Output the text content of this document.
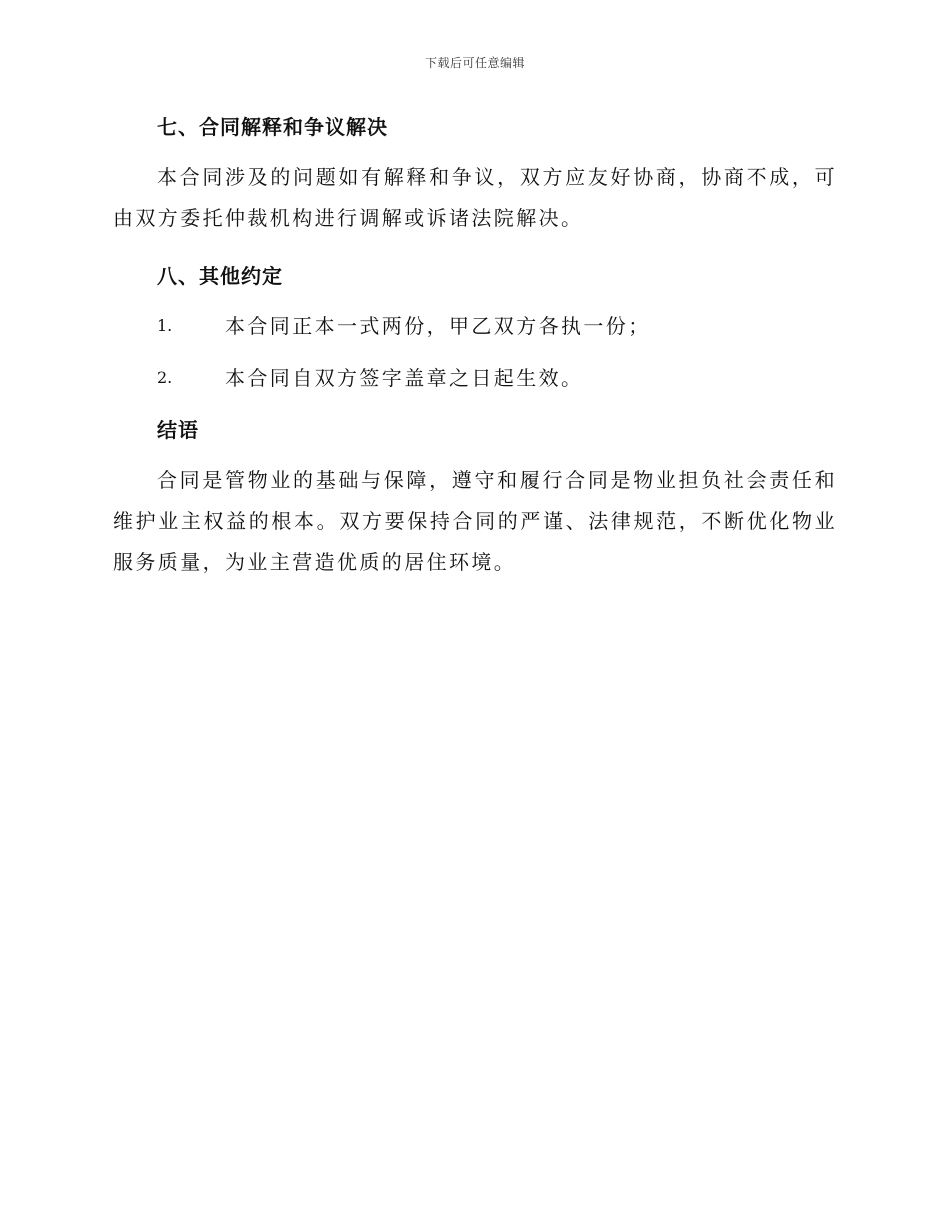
下载后可任意编辑
七、合同解释和争议解决

本合同涉及的问题如有解释和争议，双方应友好协商，协商不成，可由双方委托仲裁机构进行调解或诉诸法院解决。

八、其他约定
1.	本合同正本一式两份，甲乙双方各执一份；
2.	本合同自双方签字盖章之日起生效。
结语

合同是管物业的基础与保障，遵守和履行合同是物业担负社会责任和维护业主权益的根本。双方要保持合同的严谨、法律规范，不断优化物业服务质量，为业主营造优质的居住环境。
